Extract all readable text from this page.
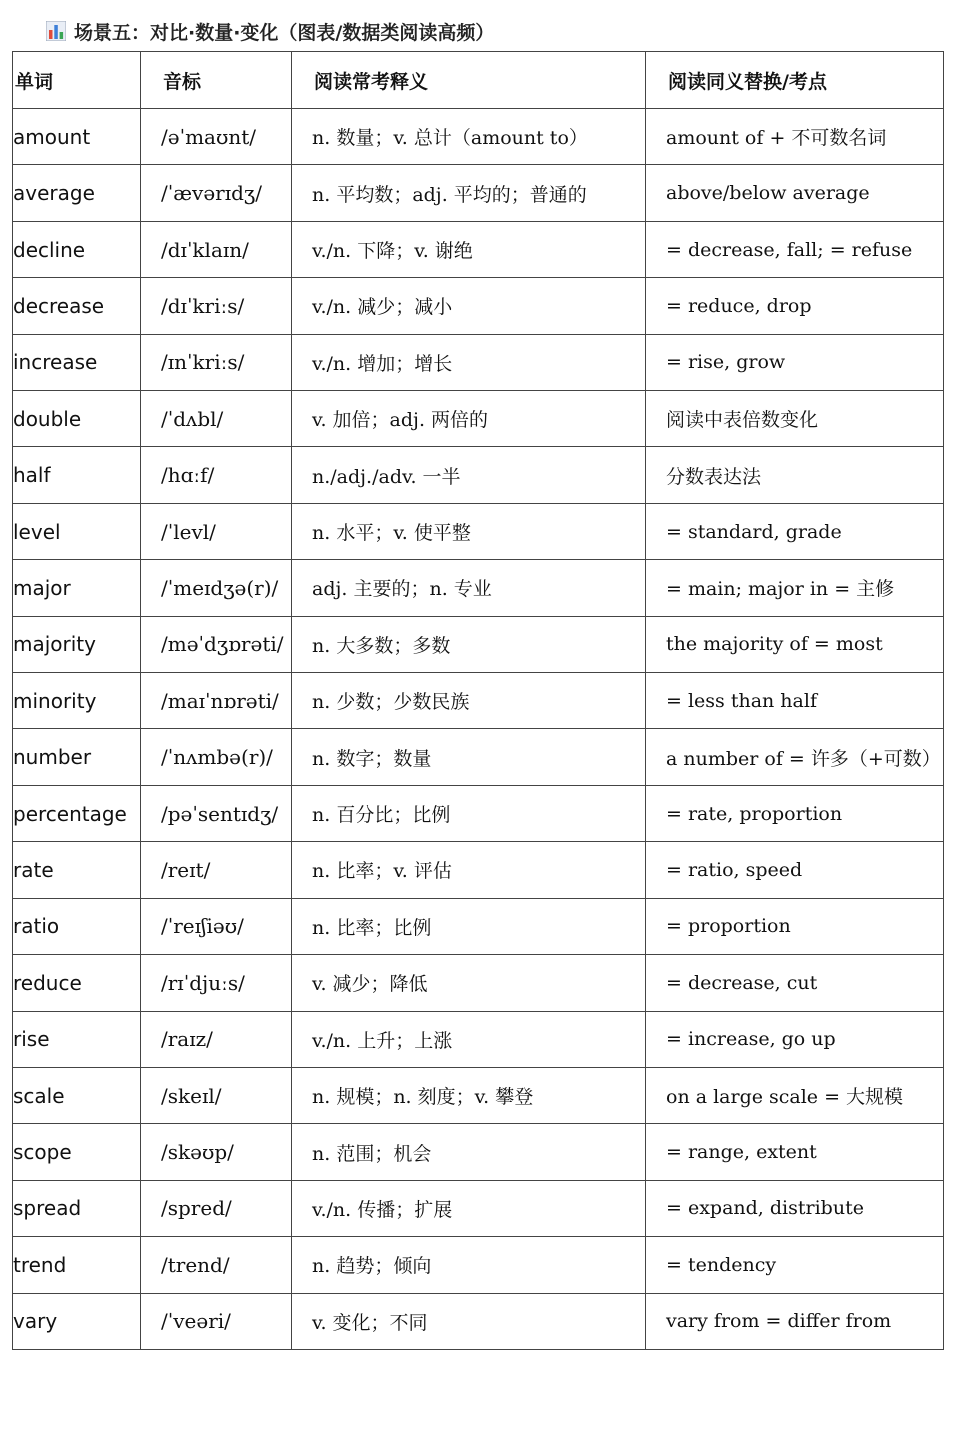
场景五：对比·数量·变化（图表/数据类阅读高频）
单词	音标	阅读常考释义	阅读同义替换/考点
amount	/əˈmaʊnt/	n. 数量；v. 总计（amount to）	amount of + 不可数名词
average	/ˈævərɪdʒ/	n. 平均数；adj. 平均的；普通的	above/below average
decline	/dɪˈklaɪn/	v./n. 下降；v. 谢绝	= decrease, fall; = refuse
decrease	/dɪˈkriːs/	v./n. 减少；减小	= reduce, drop
increase	/ɪnˈkriːs/	v./n. 增加；增长	= rise, grow
double	/ˈdʌbl/	v. 加倍；adj. 两倍的	阅读中表倍数变化
half	/hɑːf/	n./adj./adv. 一半	分数表达法
level	/ˈlevl/	n. 水平；v. 使平整	= standard, grade
major	/ˈmeɪdʒə(r)/	adj. 主要的；n. 专业	= main; major in = 主修
majority	/məˈdʒɒrəti/	n. 大多数；多数	the majority of = most
minority	/maɪˈnɒrəti/	n. 少数；少数民族	= less than half
number	/ˈnʌmbə(r)/	n. 数字；数量	a number of = 许多（+可数）
percentage	/pəˈsentɪdʒ/	n. 百分比；比例	= rate, proportion
rate	/reɪt/	n. 比率；v. 评估	= ratio, speed
ratio	/ˈreɪʃiəʊ/	n. 比率；比例	= proportion
reduce	/rɪˈdjuːs/	v. 减少；降低	= decrease, cut
rise	/raɪz/	v./n. 上升；上涨	= increase, go up
scale	/skeɪl/	n. 规模；n. 刻度；v. 攀登	on a large scale = 大规模
scope	/skəʊp/	n. 范围；机会	= range, extent
spread	/spred/	v./n. 传播；扩展	= expand, distribute
trend	/trend/	n. 趋势；倾向	= tendency
vary	/ˈveəri/	v. 变化；不同	vary from = differ from
